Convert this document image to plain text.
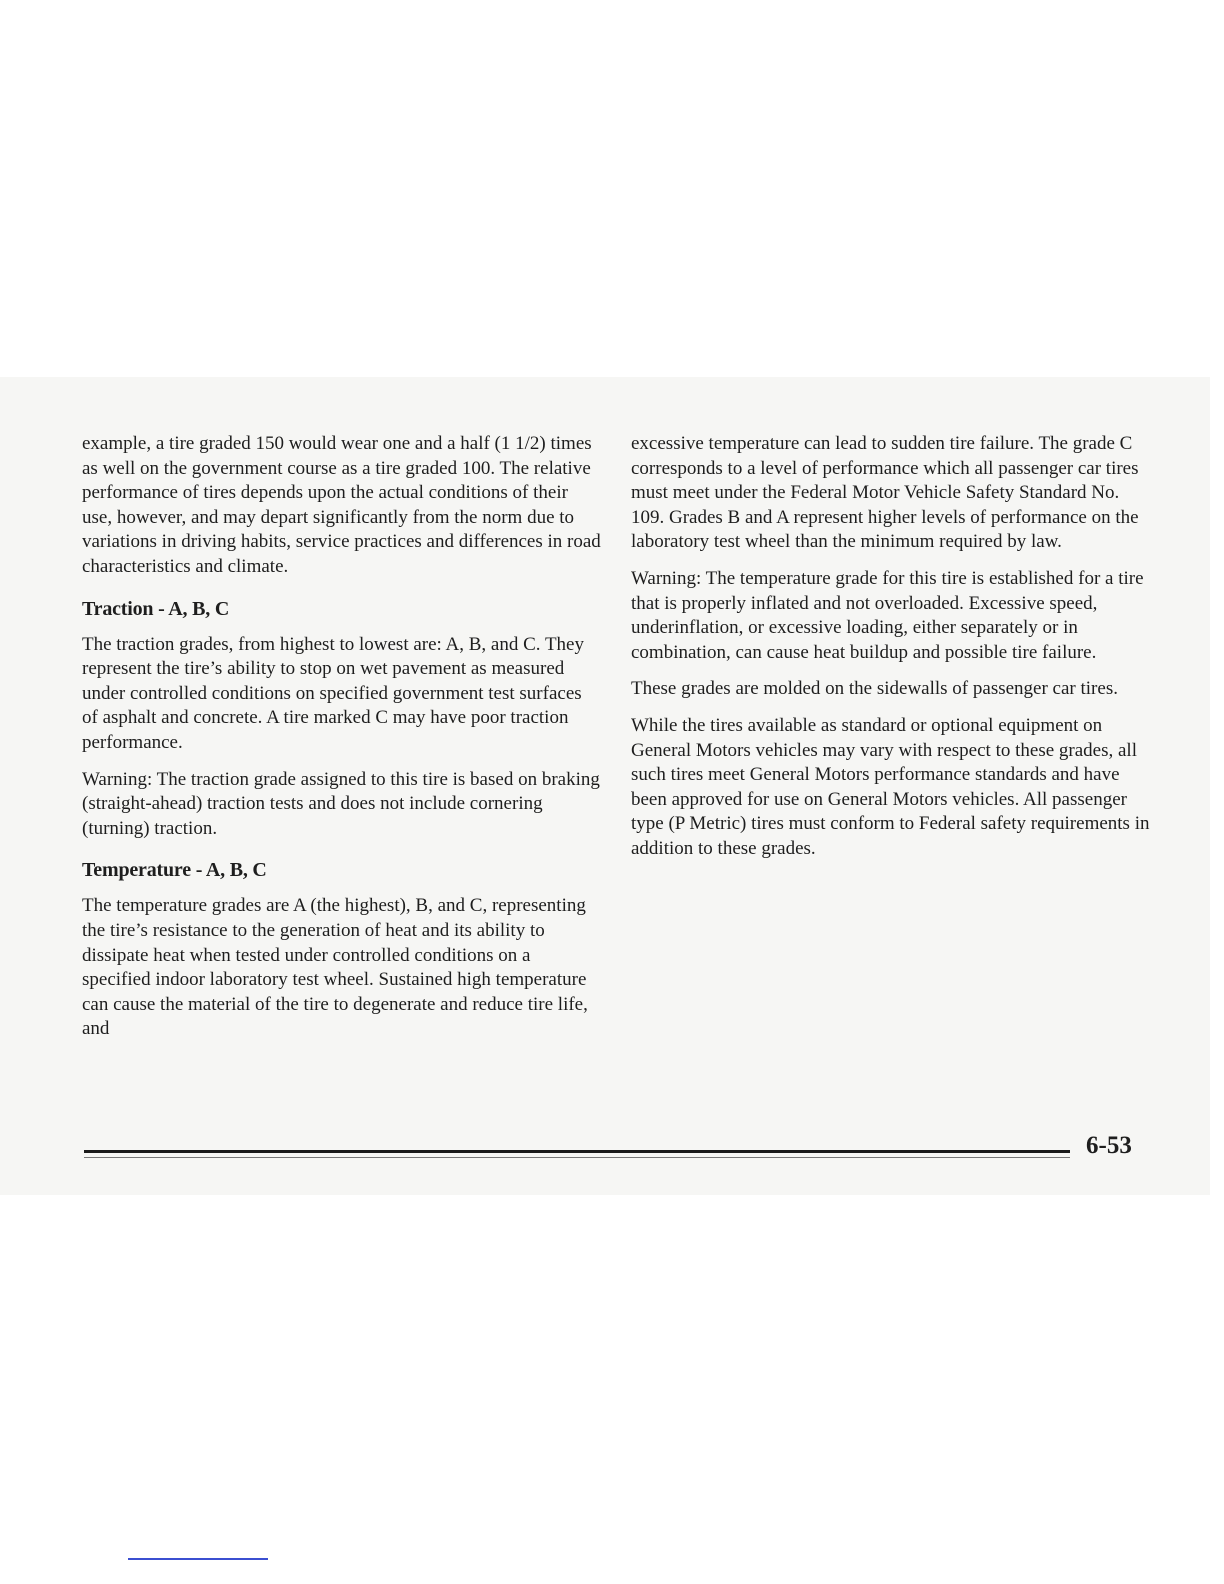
example, a tire graded 150 would wear one and a half (1 1/2) times as well on the government course as a tire graded 100. The relative performance of tires depends upon the actual conditions of their use, however, and may depart significantly from the norm due to variations in driving habits, service practices and differences in road characteristics and climate.

Traction - A, B, C

The traction grades, from highest to lowest are: A, B, and C. They represent the tire’s ability to stop on wet pavement as measured under controlled conditions on specified government test surfaces of asphalt and concrete. A tire marked C may have poor traction performance.

Warning: The traction grade assigned to this tire is based on braking (straight-ahead) traction tests and does not include cornering (turning) traction.

Temperature - A, B, C

The temperature grades are A (the highest), B, and C, representing the tire’s resistance to the generation of heat and its ability to dissipate heat when tested under controlled conditions on a specified indoor laboratory test wheel. Sustained high temperature can cause the material of the tire to degenerate and reduce tire life, and

excessive temperature can lead to sudden tire failure. The grade C corresponds to a level of performance which all passenger car tires must meet under the Federal Motor Vehicle Safety Standard No. 109. Grades B and A represent higher levels of performance on the laboratory test wheel than the minimum required by law.

Warning: The temperature grade for this tire is established for a tire that is properly inflated and not overloaded. Excessive speed, underinflation, or excessive loading, either separately or in combination, can cause heat buildup and possible tire failure.

These grades are molded on the sidewalls of passenger car tires.

While the tires available as standard or optional equipment on General Motors vehicles may vary with respect to these grades, all such tires meet General Motors performance standards and have been approved for use on General Motors vehicles. All passenger type (P Metric) tires must conform to Federal safety requirements in addition to these grades.

6-53
